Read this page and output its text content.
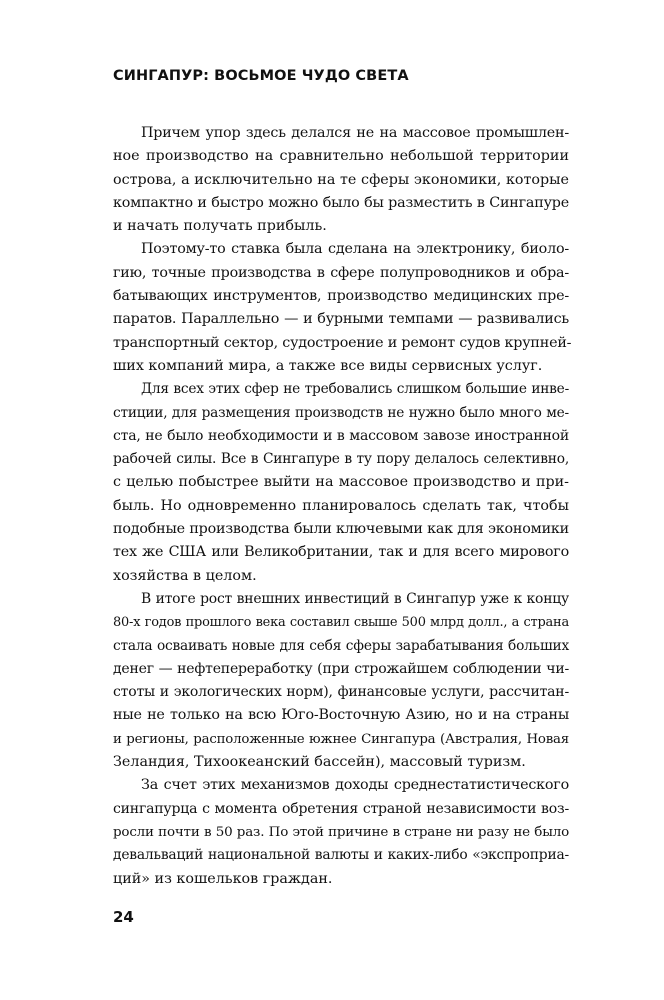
СИНГАПУР: ВОСЬМОЕ ЧУДО СВЕТА

Причем упор здесь делался не на массовое промышлен-
ное производство на сравнительно небольшой территории
острова, а исключительно на те сферы экономики, которые
компактно и быстро можно было бы разместить в Сингапуре
и начать получать прибыль.

Поэтому-то ставка была сделана на электронику, биоло-
гию, точные производства в сфере полупроводников и обра-
батывающих инструментов, производство медицинских пре-
паратов. Параллельно — и бурными темпами — развивались
транспортный сектор, судостроение и ремонт судов крупней-
ших компаний мира, а также все виды сервисных услуг.

Для всех этих сфер не требовались слишком большие инве-
стиции, для размещения производств не нужно было много ме-
ста, не было необходимости и в массовом завозе иностранной
рабочей силы. Все в Сингапуре в ту пору делалось селективно,
с целью побыстрее выйти на массовое производство и при-
быль. Но одновременно планировалось сделать так, чтобы
подобные производства были ключевыми как для экономики
тех же США или Великобритании, так и для всего мирового
хозяйства в целом.

В итоге рост внешних инвестиций в Сингапур уже к концу
80-х годов прошлого века составил свыше 500 млрд долл., а страна
стала осваивать новые для себя сферы зарабатывания больших
денег — нефтепереработку (при строжайшем соблюдении чи-
стоты и экологических норм), финансовые услуги, рассчитан-
ные не только на всю Юго-Восточную Азию, но и на страны
и регионы, расположенные южнее Сингапура (Австралия, Новая
Зеландия, Тихоокеанский бассейн), массовый туризм.

За счет этих механизмов доходы среднестатистического
сингапурца с момента обретения страной независимости воз-
росли почти в 50 раз. По этой причине в стране ни разу не было
девальваций национальной валюты и каких-либо «экспроприа-
ций» из кошельков граждан.

24
